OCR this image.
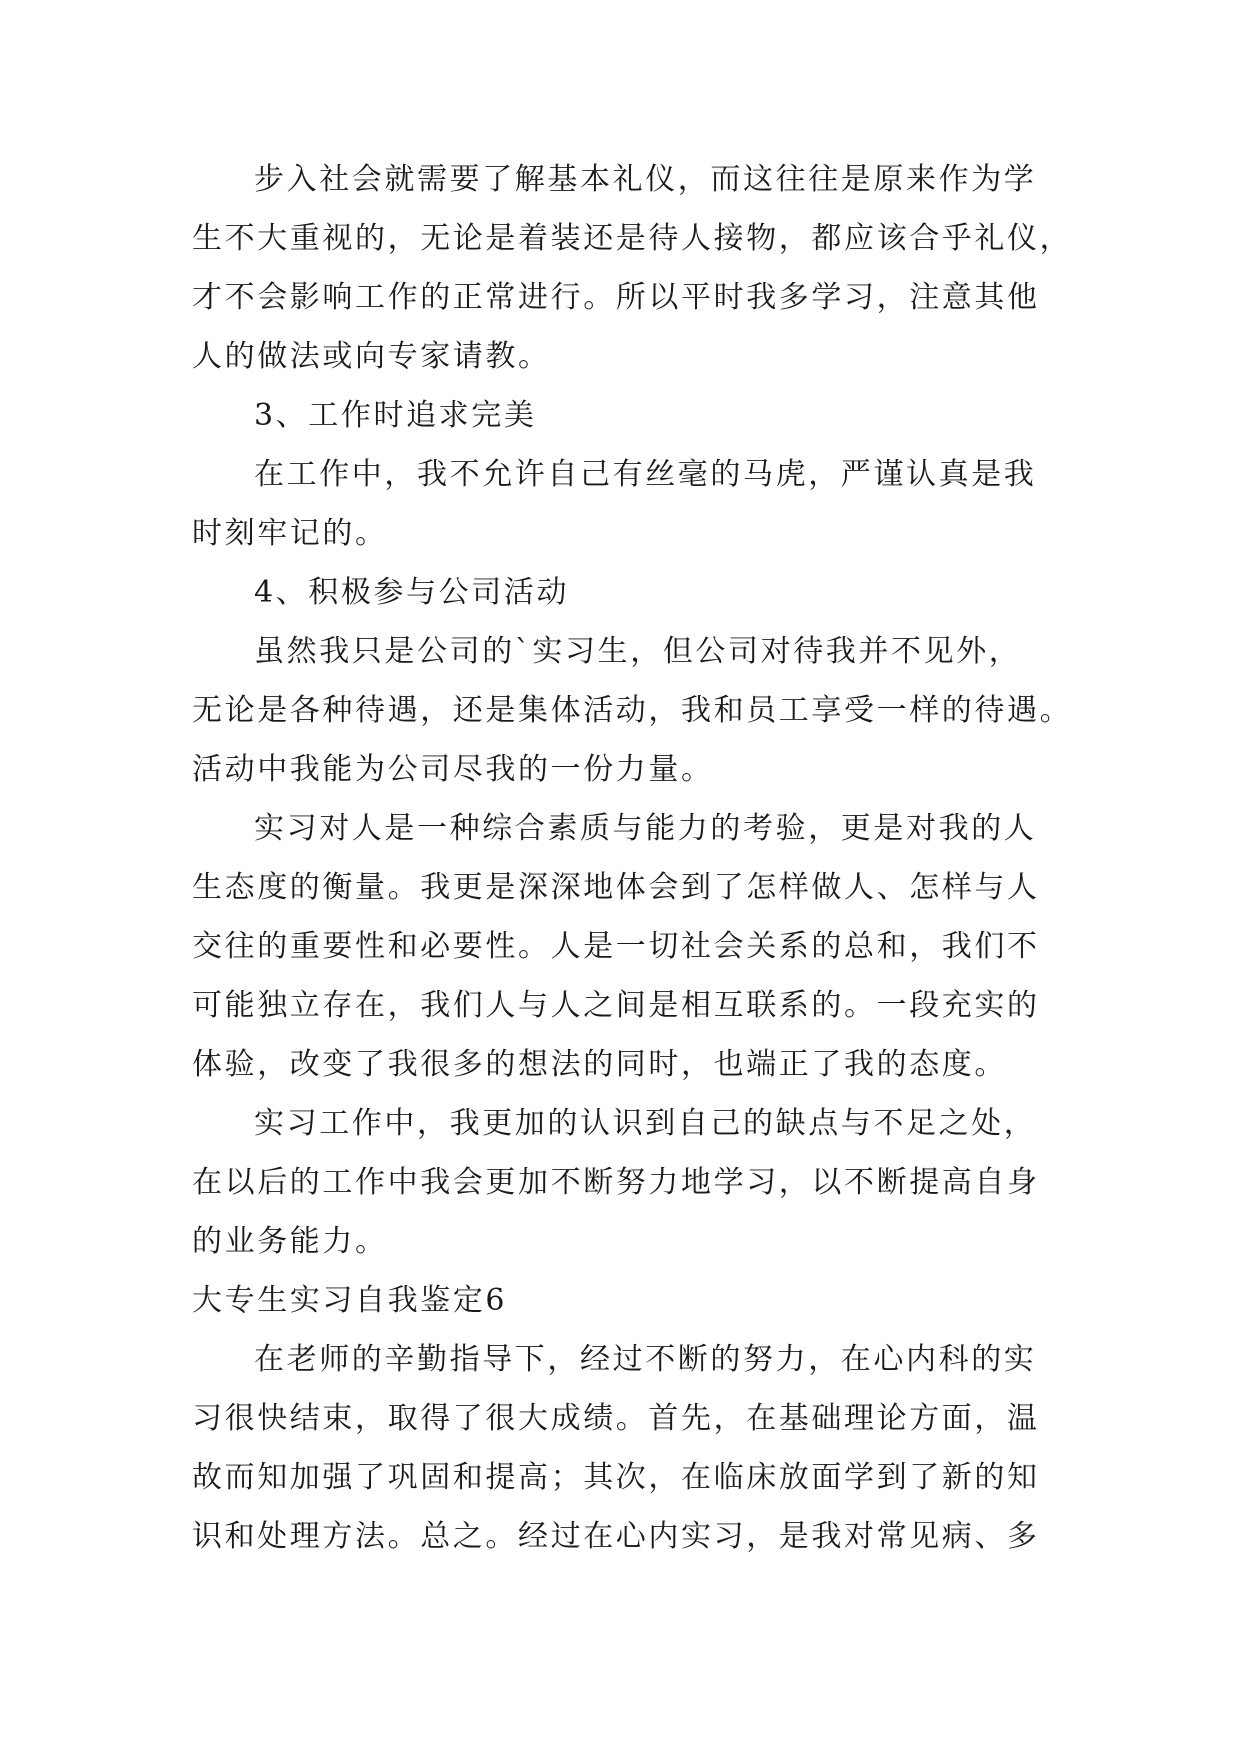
步入社会就需要了解基本礼仪，而这往往是原来作为学
生不大重视的，无论是着装还是待人接物，都应该合乎礼仪，
才不会影响工作的正常进行。所以平时我多学习，注意其他
人的做法或向专家请教。
3、工作时追求完美
在工作中，我不允许自己有丝毫的马虎，严谨认真是我
时刻牢记的。
4、积极参与公司活动
虽然我只是公司的`实习生，但公司对待我并不见外，
无论是各种待遇，还是集体活动，我和员工享受一样的待遇。
活动中我能为公司尽我的一份力量。
实习对人是一种综合素质与能力的考验，更是对我的人
生态度的衡量。我更是深深地体会到了怎样做人、怎样与人
交往的重要性和必要性。人是一切社会关系的总和，我们不
可能独立存在，我们人与人之间是相互联系的。一段充实的
体验，改变了我很多的想法的同时，也端正了我的态度。
实习工作中，我更加的认识到自己的缺点与不足之处，
在以后的工作中我会更加不断努力地学习，以不断提高自身
的业务能力。
大专生实习自我鉴定6
在老师的辛勤指导下，经过不断的努力，在心内科的实
习很快结束，取得了很大成绩。首先，在基础理论方面，温
故而知加强了巩固和提高；其次，在临床放面学到了新的知
识和处理方法。总之。经过在心内实习，是我对常见病、多
